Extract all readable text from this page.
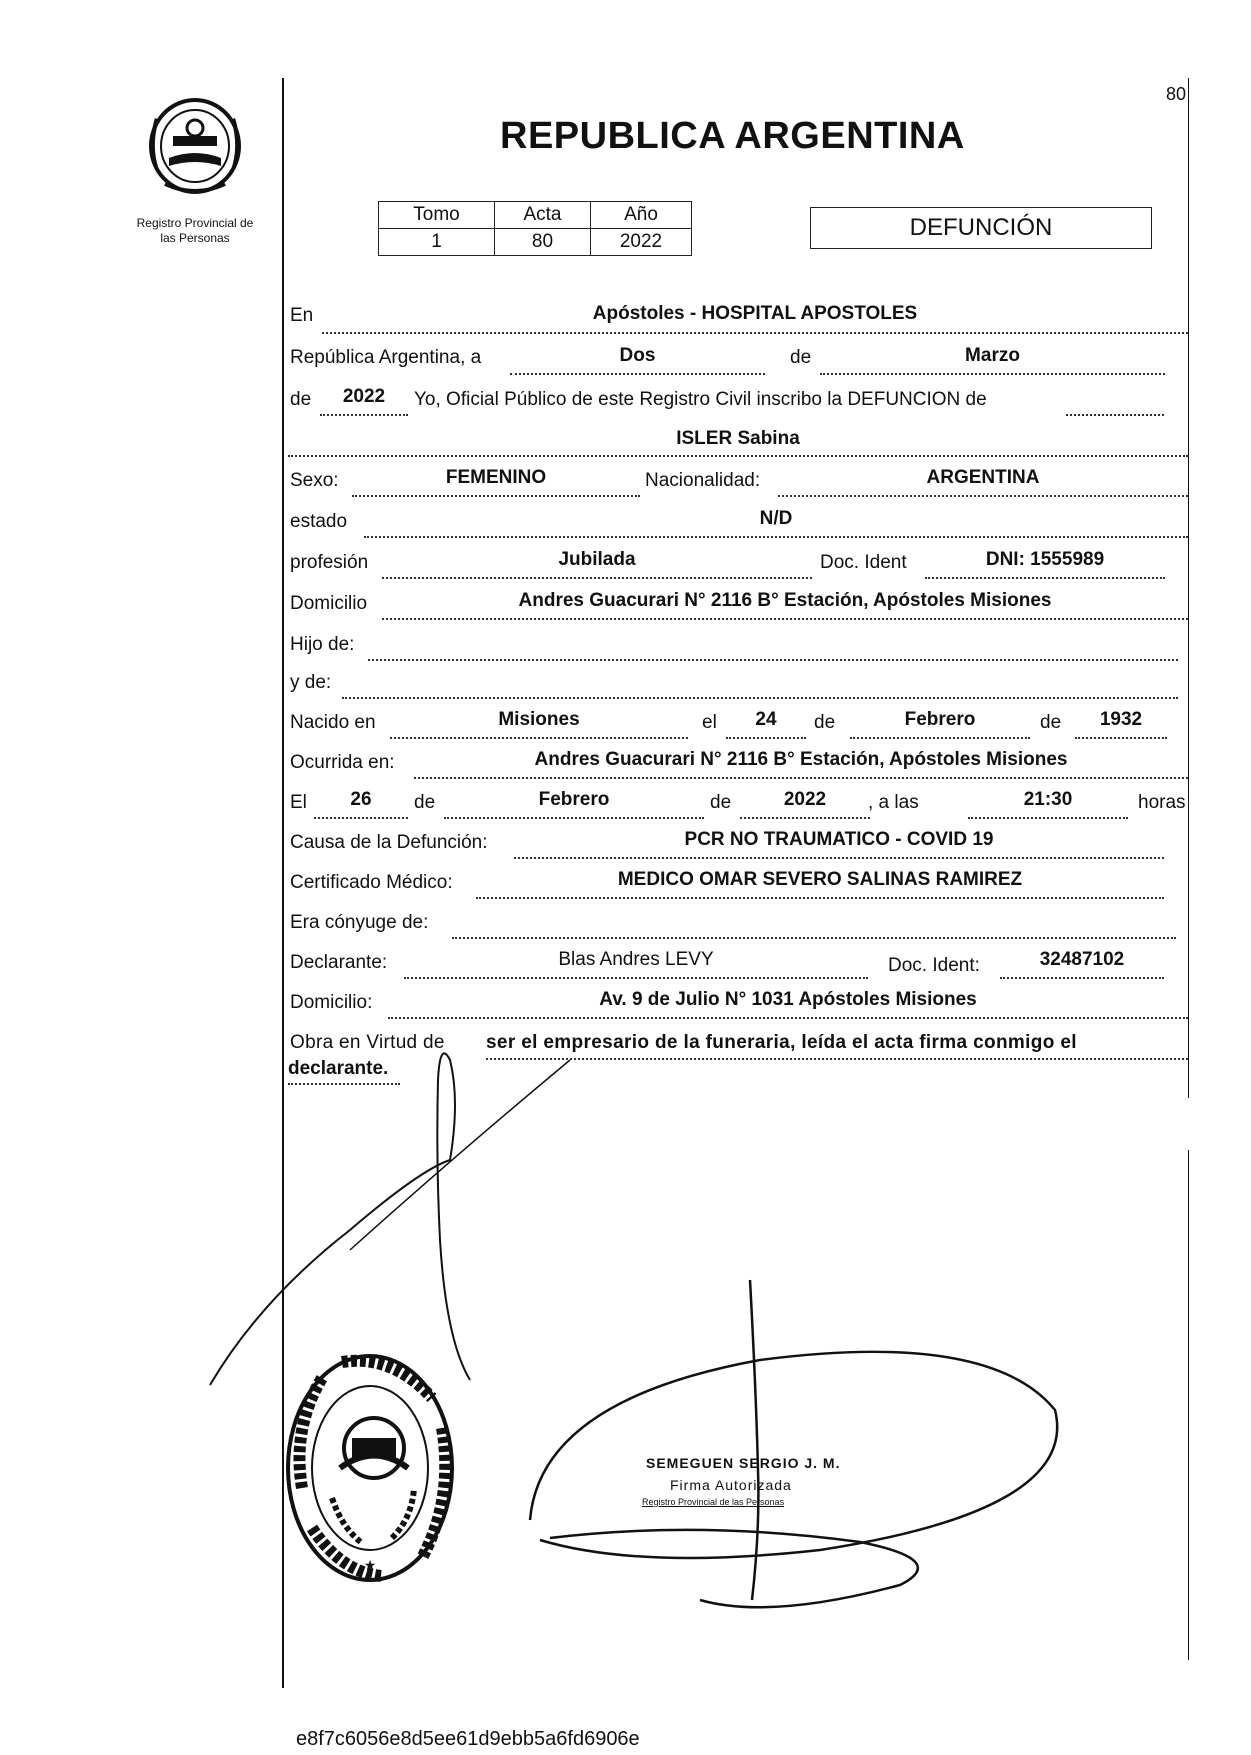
Registro Provincial de
las Personas
80
REPUBLICA ARGENTINA
Tomo	Acta	Año
1	80	2022
DEFUNCIÓN
En	Apóstoles - HOSPITAL APOSTOLES
República Argentina, a	Dos	de	Marzo
de	2022	Yo, Oficial Público de este Registro Civil inscribo la DEFUNCION de
ISLER Sabina
Sexo:	FEMENINO	Nacionalidad:	ARGENTINA
estado	N/D
profesión	Jubilada	Doc. Ident	DNI: 1555989
Domicilio	Andres Guacurari N° 2116 B° Estación, Apóstoles Misiones
Hijo de:
y de:
Nacido en	Misiones	el	24	de	Febrero	de	1932
Ocurrida en:	Andres Guacurari N° 2116 B° Estación, Apóstoles Misiones
El	26	de	Febrero	de	2022	, a las	21:30	horas
Causa de la Defunción:	PCR NO TRAUMATICO - COVID 19
Certificado Médico:	MEDICO OMAR SEVERO SALINAS RAMIREZ
Era cónyuge de:
Declarante:	Blas Andres LEVY	Doc. Ident:	32487102
Domicilio:	Av. 9 de Julio N° 1031 Apóstoles Misiones
Obra en Virtud de ser el empresario de la funeraria, leída el acta firma conmigo el
declarante.
★
SEMEGUEN SERGIO J. M.
Firma Autorizada
Registro Provincial de las Personas
e8f7c6056e8d5ee61d9ebb5a6fd6906e
